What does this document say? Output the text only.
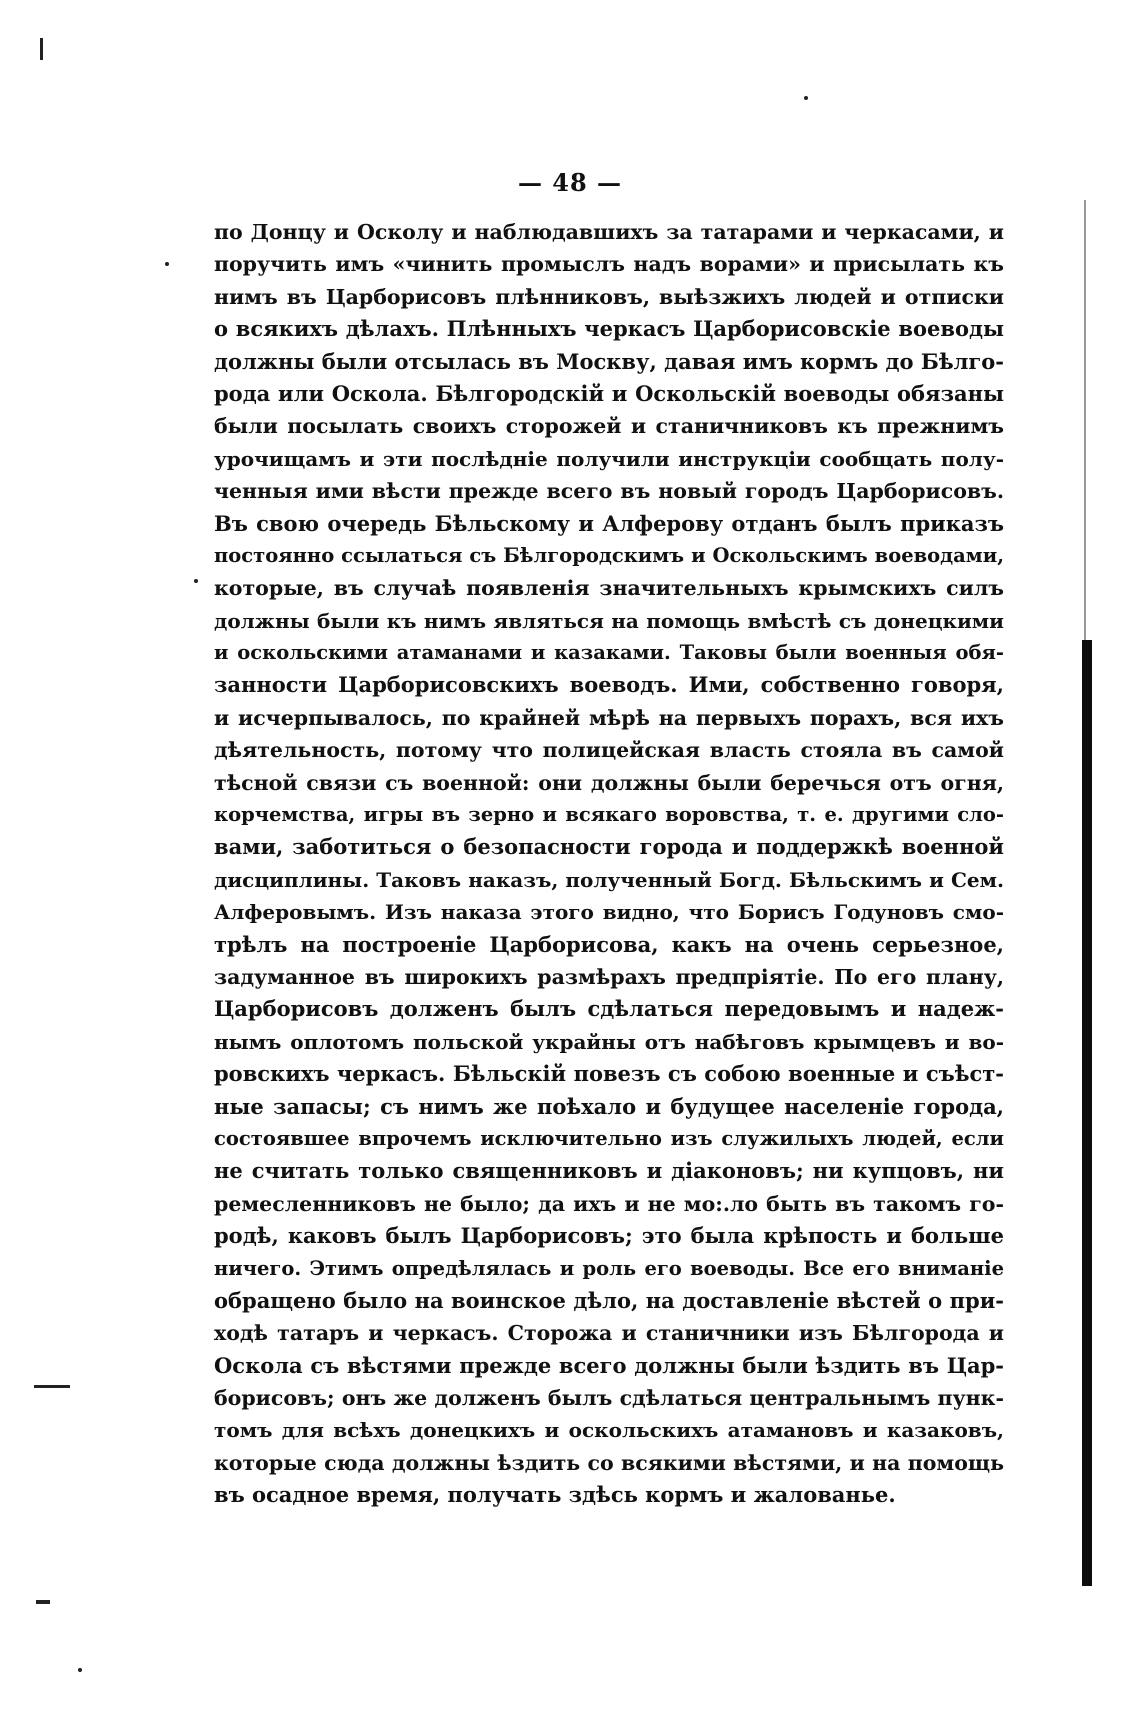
— 48 —
по Донцу и Осколу и наблюдавшихъ за татарами и черкасами, и
поручить имъ «чинить промыслъ надъ ворами» и присылать къ
нимъ въ Царборисовъ плѣнниковъ, выѣзжихъ людей и отписки
о всякихъ дѣлахъ. Плѣнныхъ черкасъ Царборисовскіе воеводы
должны были отсылась въ Москву, давая имъ кормъ до Бѣлго-
рода или Оскола. Бѣлгородскій и Оскольскій воеводы обязаны
были посылать своихъ сторожей и станичниковъ къ прежнимъ
урочищамъ и эти послѣдніе получили инструкціи сообщать полу-
ченныя ими вѣсти прежде всего въ новый городъ Царборисовъ.
Въ свою очередь Бѣльскому и Алферову отданъ былъ приказъ
постоянно ссылаться съ Бѣлгородскимъ и Оскольскимъ воеводами,
которые, въ случаѣ появленія значительныхъ крымскихъ силъ
должны были къ нимъ являться на помощь вмѣстѣ съ донецкими
и оскольскими атаманами и казаками. Таковы были военныя обя-
занности Царборисовскихъ воеводъ. Ими, собственно говоря,
и исчерпывалось, по крайней мѣрѣ на первыхъ порахъ, вся ихъ
дѣятельность, потому что полицейская власть стояла въ самой
тѣсной связи съ военной: они должны были беречься отъ огня,
корчемства, игры въ зерно и всякаго воровства, т. е. другими сло-
вами, заботиться о безопасности города и поддержкѣ военной
дисциплины. Таковъ наказъ, полученный Богд. Бѣльскимъ и Сем.
Алферовымъ. Изъ наказа этого видно, что Борисъ Годуновъ смо-
трѣлъ на построеніе Царборисова, какъ на очень серьезное,
задуманное въ широкихъ размѣрахъ предпріятіе. По его плану,
Царборисовъ долженъ былъ сдѣлаться передовымъ и надеж-
нымъ оплотомъ польской украйны отъ набѣговъ крымцевъ и во-
ровскихъ черкасъ. Бѣльскій повезъ съ собою военные и съѣст-
ные запасы; съ нимъ же поѣхало и будущее населеніе города,
состоявшее впрочемъ исключительно изъ служилыхъ людей, если
не считать только священниковъ и діаконовъ; ни купцовъ, ни
ремесленниковъ не было; да ихъ и не мо:.ло быть въ такомъ го-
родѣ, каковъ былъ Царборисовъ; это была крѣпость и больше
ничего. Этимъ опредѣлялась и роль его воеводы. Все его вниманіе
обращено было на воинское дѣло, на доставленіе вѣстей о при-
ходѣ татаръ и черкасъ. Сторожа и станичники изъ Бѣлгорода и
Оскола съ вѣстями прежде всего должны были ѣздить въ Цар-
борисовъ; онъ же долженъ былъ сдѣлаться центральнымъ пунк-
томъ для всѣхъ донецкихъ и оскольскихъ атамановъ и казаковъ,
которые сюда должны ѣздить со всякими вѣстями, и на помощь
въ осадное время, получать здѣсь кормъ и жалованье.
